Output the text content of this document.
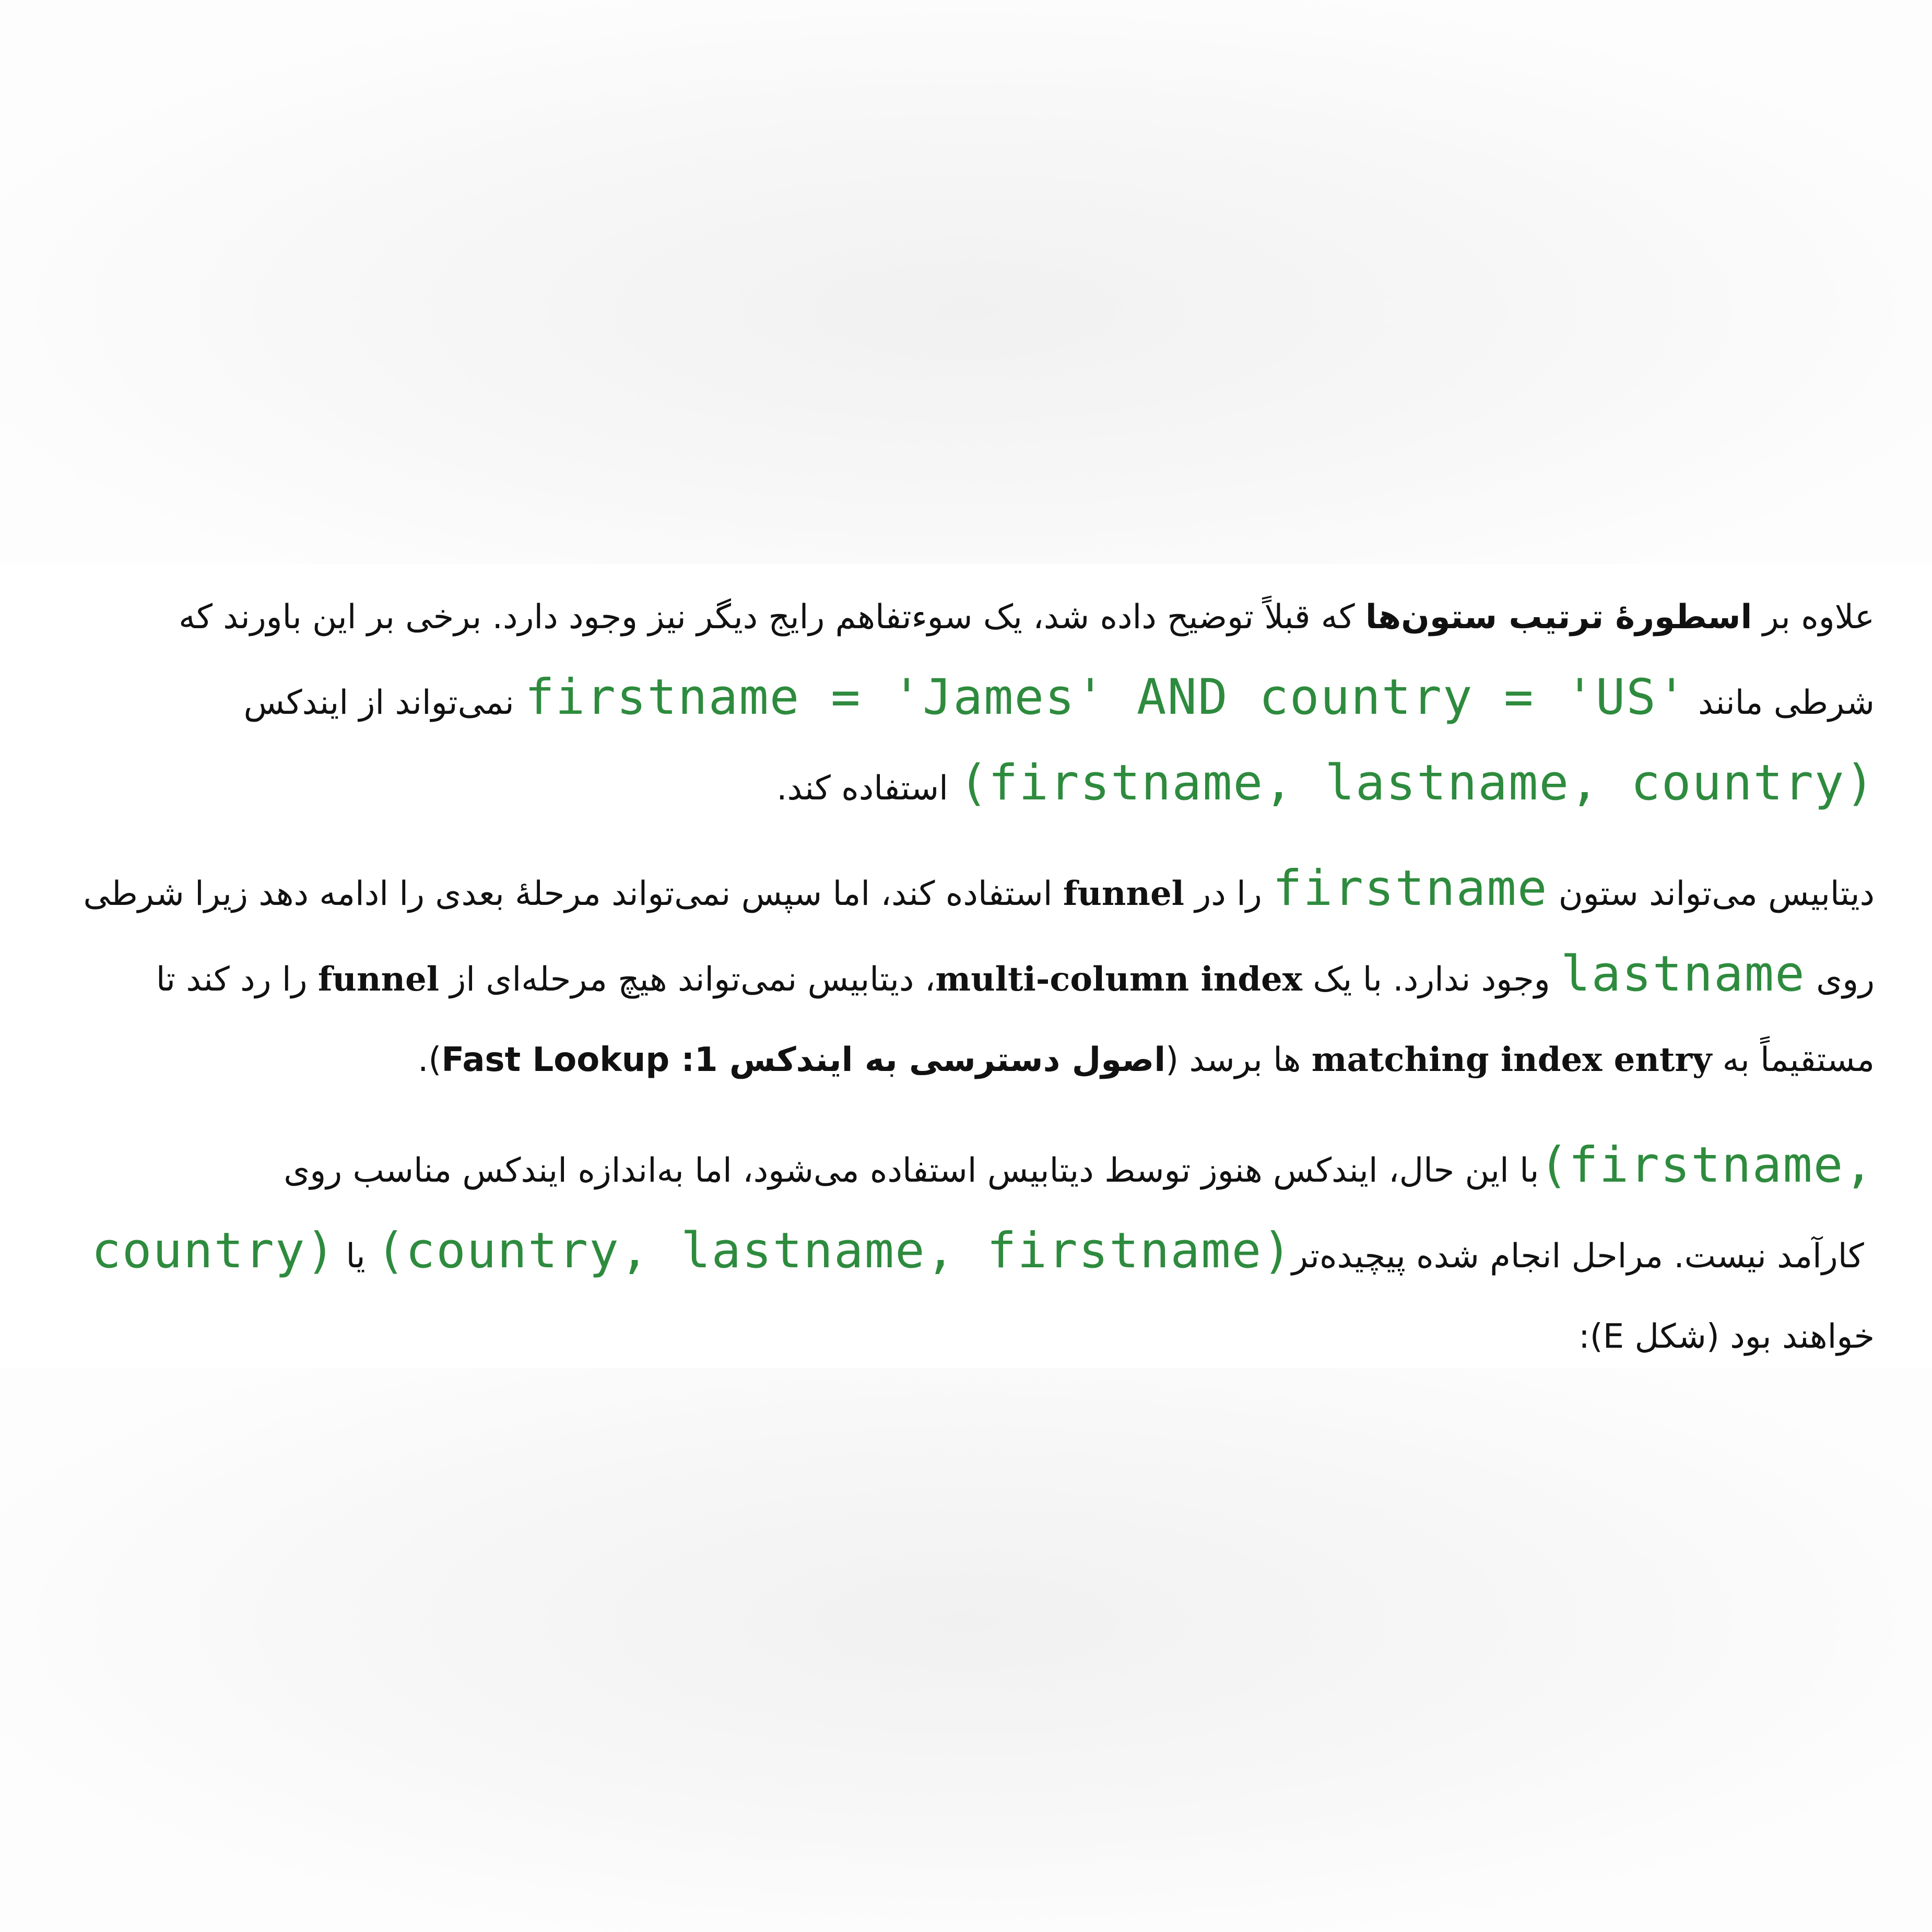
علاوه بر اسطورهٔ ترتیب ستون‌ها که قبلاً توضیح داده شد، یک سوءتفاهم رایج دیگر نیز وجود دارد. برخی بر این باورند که شرطی مانند firstname = 'James' AND country = 'US' نمی‌تواند از ایندکس (firstname, lastname, country) استفاده کند.

دیتابیس می‌تواند ستون firstname را در funnel استفاده کند، اما سپس نمی‌تواند مرحلهٔ بعدی را ادامه دهد زیرا شرطی روی lastname وجود ندارد. با یک multi-column index، دیتابیس نمی‌تواند هیچ مرحله‌ای از funnel را رد کند تا مستقیماً به matching index entry ها برسد (اصول دسترسی به ایندکس 1: Fast Lookup).

با این حال، ایندکس هنوز توسط دیتابیس استفاده می‌شود، اما به‌اندازه ایندکس مناسب روی (firstname, country) یا (country, lastname, firstname) کارآمد نیست. مراحل انجام شده پیچیده‌تر خواهند بود (شکل E):
